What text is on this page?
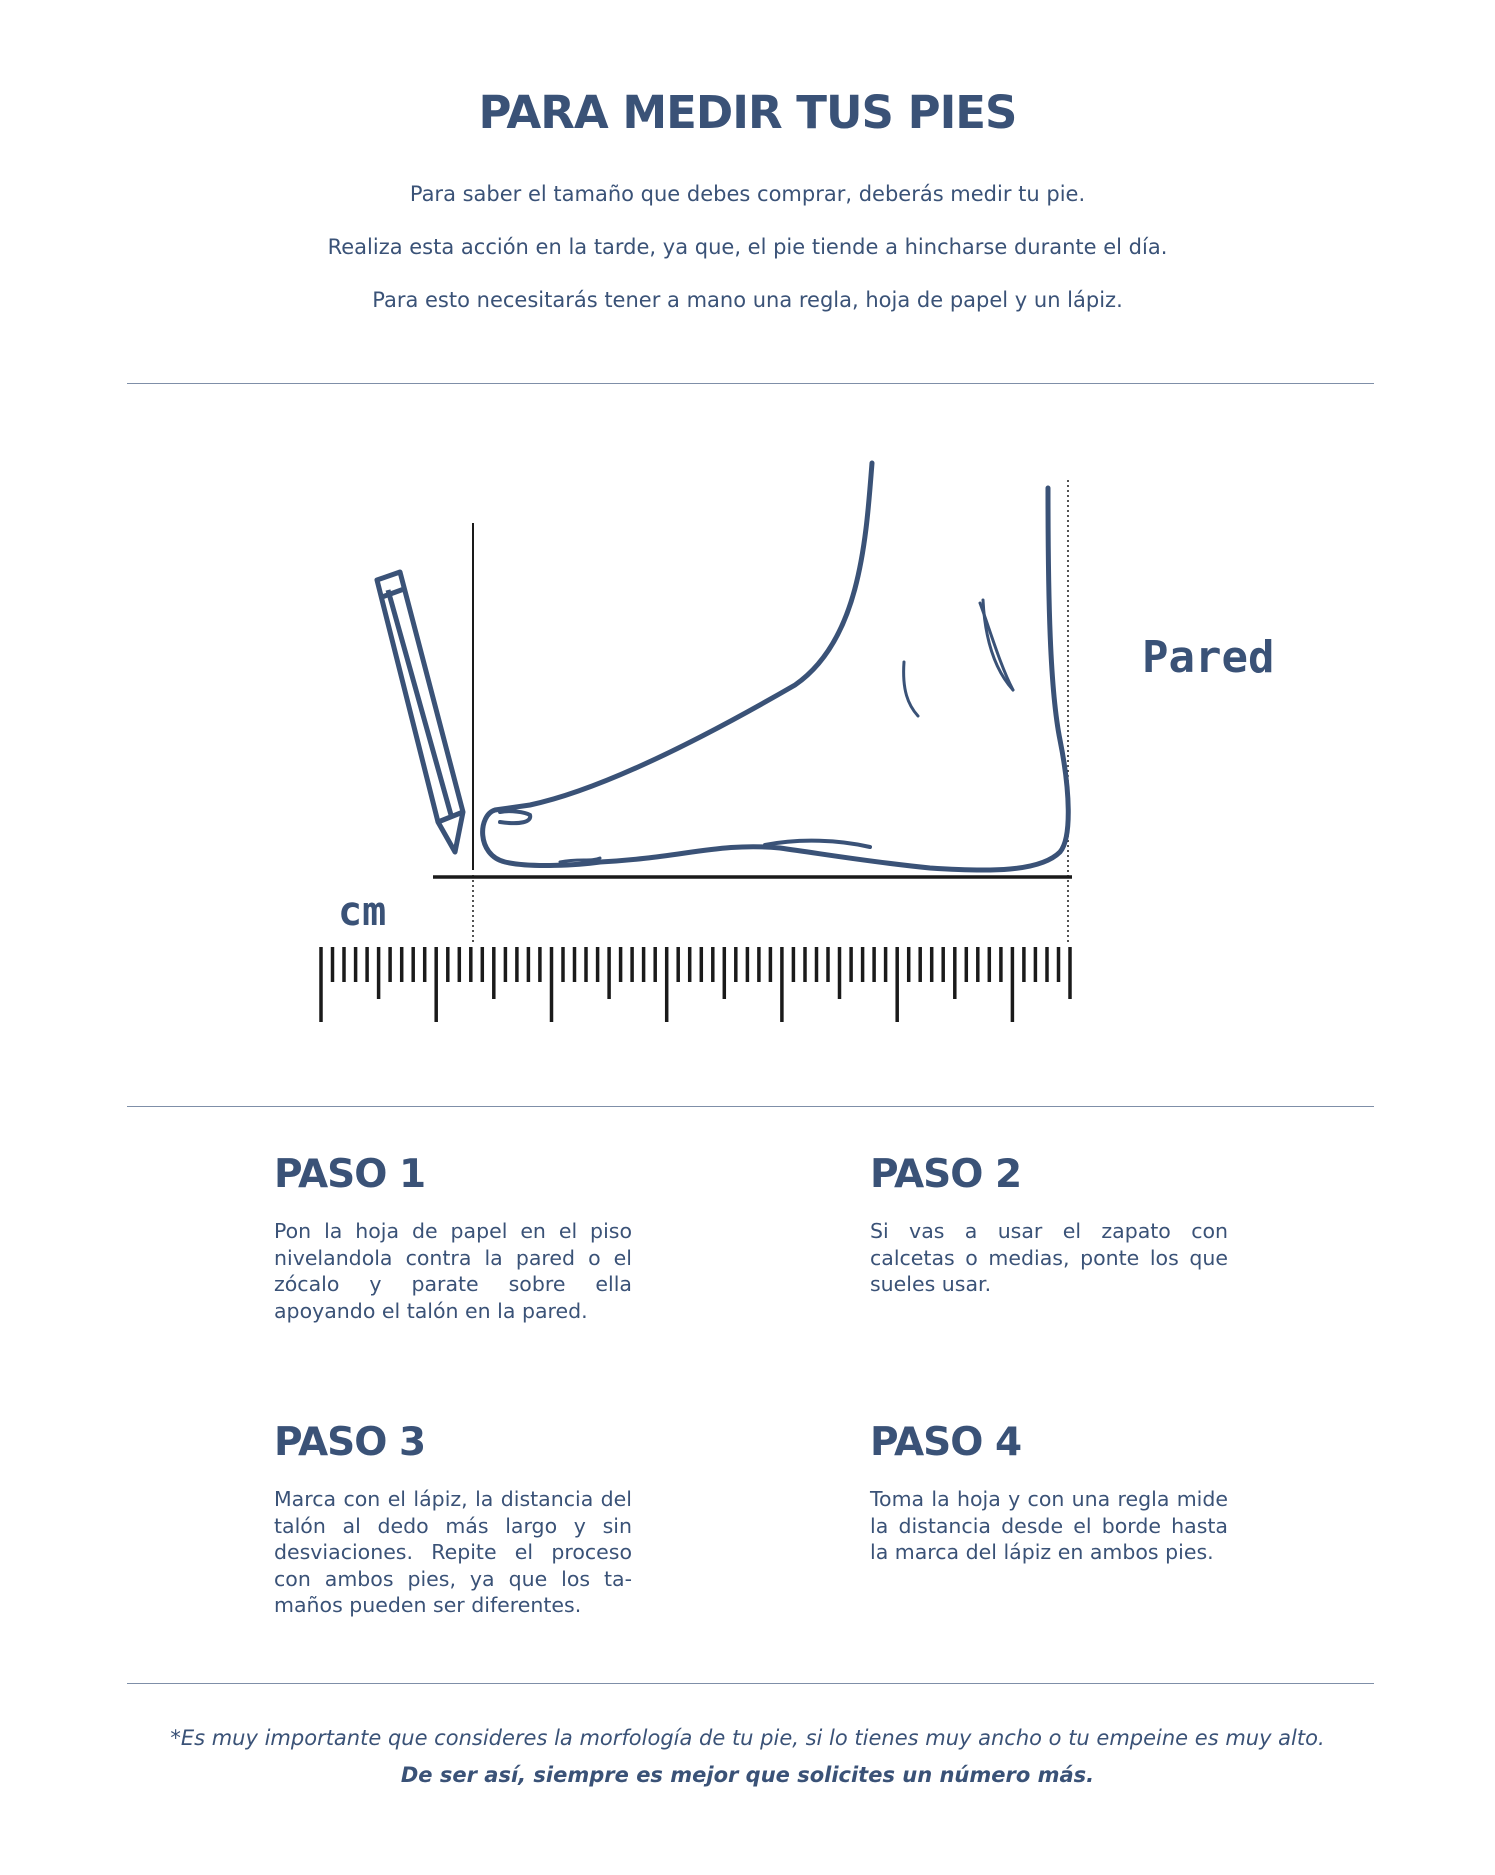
PARA MEDIR TUS PIES
Para saber el tamaño que debes comprar, deberás medir tu pie.
Realiza esta acción en la tarde, ya que, el pie tiende a hincharse durante el día.
Para esto necesitarás tener a mano una regla, hoja de papel y un lápiz.
Pared
cm
PASO 1

Pon la hoja de papel en el piso nivelandola contra la pared o el zócalo y parate sobre ella apoyando el talón en la pared.

PASO 2

Si vas a usar el zapato con calcetas o medias, ponte los que sueles usar.

PASO 3

Marca con el lápiz, la distancia del talón al dedo más largo y sin desviaciones. Repite el proceso con ambos pies, ya que los ta-maños pueden ser diferentes.

PASO 4

Toma la hoja y con una regla mide la distancia desde el borde hasta la marca del lápiz en ambos pies.

*Es muy importante que consideres la morfología de tu pie, si lo tienes muy ancho o tu empeine es muy alto.
De ser así, siempre es mejor que solicites un número más.
